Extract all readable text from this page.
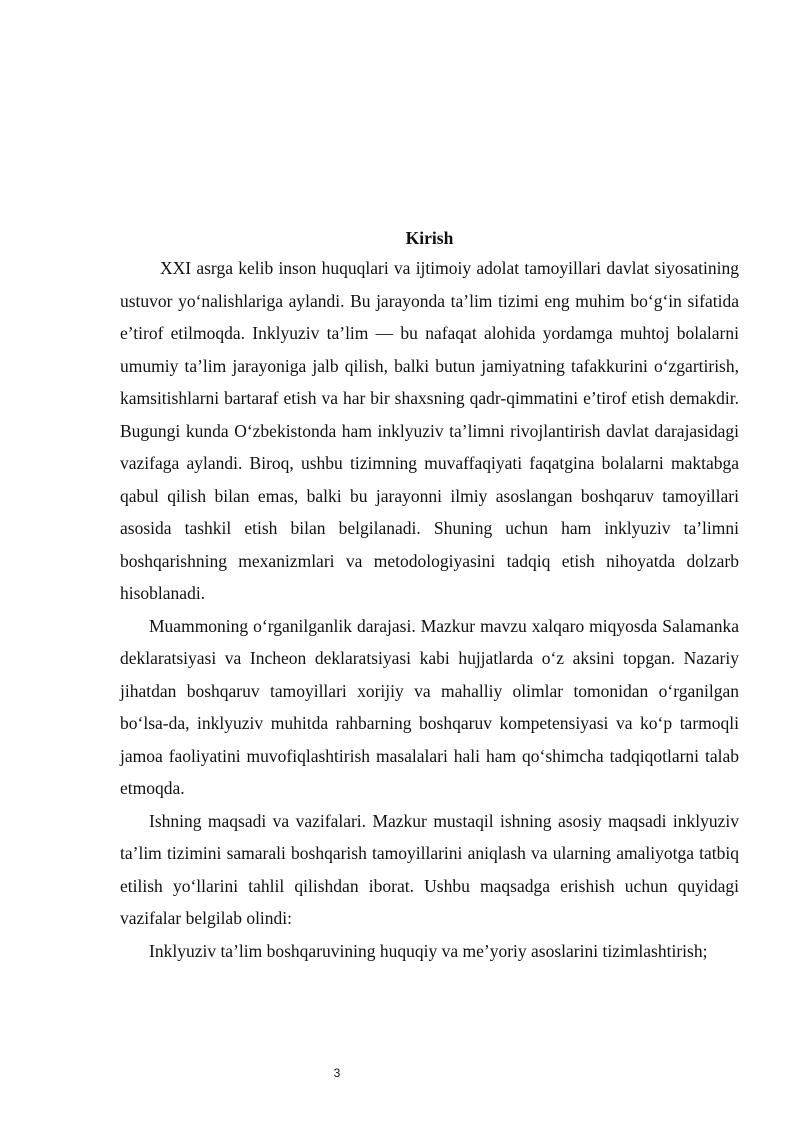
Kirish

XXI asrga kelib inson huquqlari va ijtimoiy adolat tamoyillari davlat siyosatining ustuvor yo‘nalishlariga aylandi. Bu jarayonda ta’lim tizimi eng muhim bo‘g‘in sifatida e’tirof etilmoqda. Inklyuziv ta’lim — bu nafaqat alohida yordamga muhtoj bolalarni umumiy ta’lim jarayoniga jalb qilish, balki butun jamiyatning tafakkurini o‘zgartirish, kamsitishlarni bartaraf etish va har bir shaxsning qadr-qimmatini e’tirof etish demakdir. Bugungi kunda O‘zbekistonda ham inklyuziv ta’limni rivojlantirish davlat darajasidagi vazifaga aylandi. Biroq, ushbu tizimning muvaffaqiyati faqatgina bolalarni maktabga qabul qilish bilan emas, balki bu jarayonni ilmiy asoslangan boshqaruv tamoyillari asosida tashkil etish bilan belgilanadi. Shuning uchun ham inklyuziv ta’limni boshqarishning mexanizmlari va metodologiyasini tadqiq etish nihoyatda dolzarb hisoblanadi.

Muammoning o‘rganilganlik darajasi. Mazkur mavzu xalqaro miqyosda Salamanka deklaratsiyasi va Incheon deklaratsiyasi kabi hujjatlarda o‘z aksini topgan. Nazariy jihatdan boshqaruv tamoyillari xorijiy va mahalliy olimlar tomonidan o‘rganilgan bo‘lsa-da, inklyuziv muhitda rahbarning boshqaruv kompetensiyasi va ko‘p tarmoqli jamoa faoliyatini muvofiqlashtirish masalalari hali ham qo‘shimcha tadqiqotlarni talab etmoqda.

Ishning maqsadi va vazifalari. Mazkur mustaqil ishning asosiy maqsadi inklyuziv ta’lim tizimini samarali boshqarish tamoyillarini aniqlash va ularning amaliyotga tatbiq etilish yo‘llarini tahlil qilishdan iborat. Ushbu maqsadga erishish uchun quyidagi vazifalar belgilab olindi:

Inklyuziv ta’lim boshqaruvining huquqiy va me’yoriy asoslarini tizimlashtirish;

3
